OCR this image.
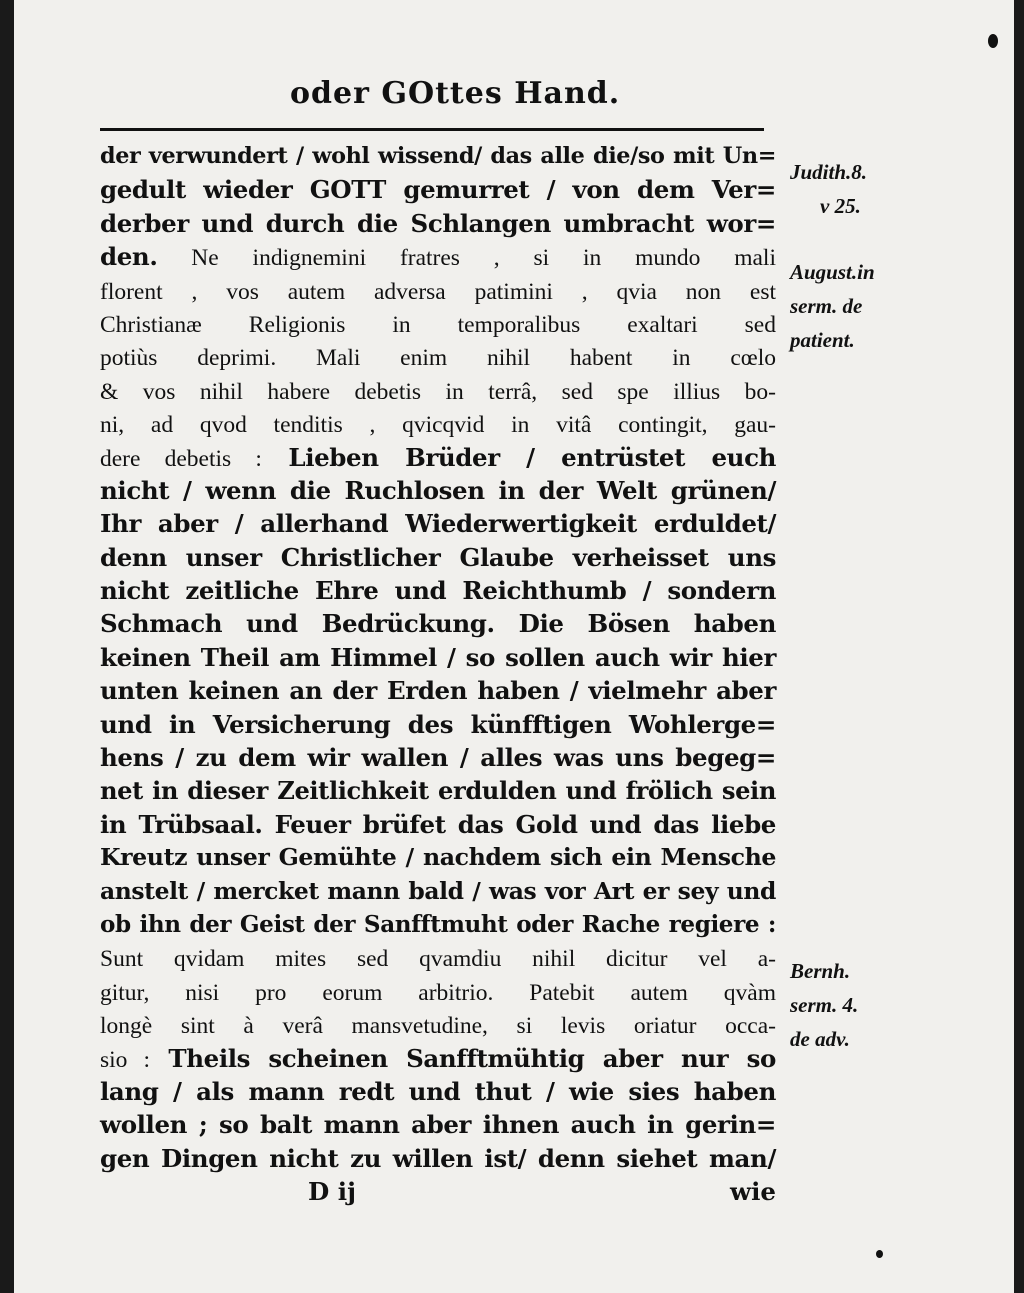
oder GOttes Hand.
der verwundert / wohl wissend/ das alle die/so mit Un=
gedult wieder GOTT gemurret / von dem Ver=
derber und durch die Schlangen umbracht wor=
den. Ne indignemini fratres , si in mundo mali
florent , vos autem adversa patimini , qvia non est
Christianæ Religionis in temporalibus exaltari sed
potiùs deprimi. Mali enim nihil habent in cœlo
& vos nihil habere debetis in terrâ, sed spe illius bo-
ni, ad qvod tenditis , qvicqvid in vitâ contingit, gau-
dere debetis : Lieben Brüder / entrüstet euch
nicht / wenn die Ruchlosen in der Welt grünen/
Ihr aber / allerhand Wiederwertigkeit erduldet/
denn unser Christlicher Glaube verheisset uns
nicht zeitliche Ehre und Reichthumb / sondern
Schmach und Bedrückung. Die Bösen haben
keinen Theil am Himmel / so sollen auch wir hier
unten keinen an der Erden haben / vielmehr aber
und in Versicherung des künfftigen Wohlerge=
hens / zu dem wir wallen / alles was uns begeg=
net in dieser Zeitlichkeit erdulden und frölich sein
in Trübsaal. Feuer brüfet das Gold und das liebe
Kreutz unser Gemühte / nachdem sich ein Mensche
anstelt / mercket mann bald / was vor Art er sey und
ob ihn der Geist der Sanfftmuht oder Rache regiere :
Sunt qvidam mites sed qvamdiu nihil dicitur vel a-
gitur, nisi pro eorum arbitrio. Patebit autem qvàm
longè sint à verâ mansvetudine, si levis oriatur occa-
sio : Theils scheinen Sanfftmühtig aber nur so
lang / als mann redt und thut / wie sies haben
wollen ; so balt mann aber ihnen auch in gerin=
gen Dingen nicht zu willen ist/ denn siehet man/
D ij	wie
Judith.8.
v 25.
August.in
serm. de
patient.
Bernh.
serm. 4.
de adv.
